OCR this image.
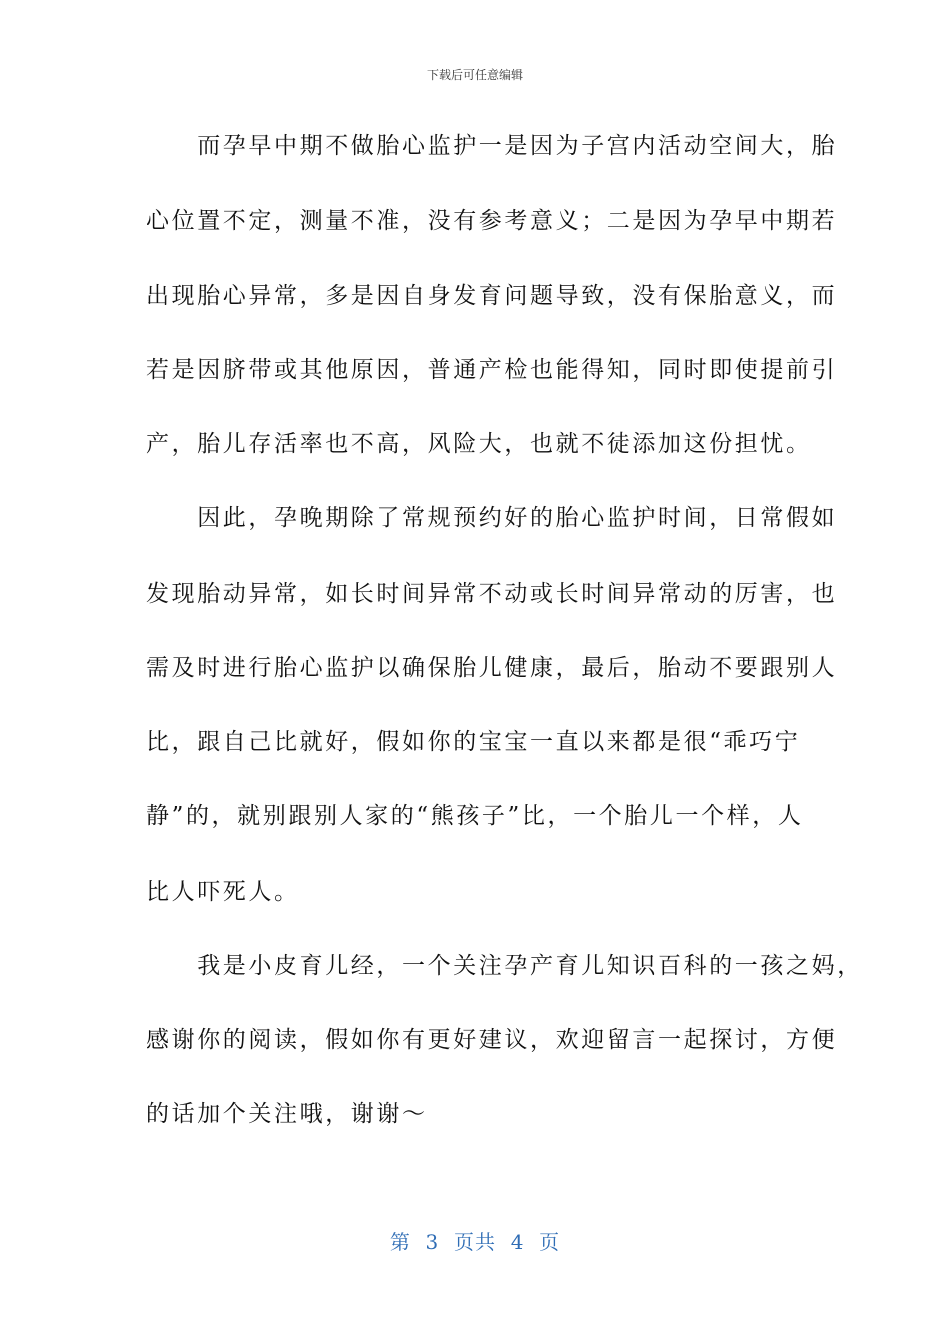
下载后可任意编辑
　　而孕早中期不做胎心监护一是因为子宫内活动空间大，胎
心位置不定，测量不准，没有参考意义；二是因为孕早中期若
出现胎心异常，多是因自身发育问题导致，没有保胎意义，而
若是因脐带或其他原因，普通产检也能得知，同时即使提前引
产，胎儿存活率也不高，风险大，也就不徒添加这份担忧。
　　因此，孕晚期除了常规预约好的胎心监护时间，日常假如
发现胎动异常，如长时间异常不动或长时间异常动的厉害，也
需及时进行胎心监护以确保胎儿健康，最后，胎动不要跟别人
比，跟自己比就好，假如你的宝宝一直以来都是很“乖巧宁
静”的，就别跟别人家的“熊孩子”比，一个胎儿一个样，人
比人吓死人。
　　我是小皮育儿经，一个关注孕产育儿知识百科的一孩之妈，
感谢你的阅读，假如你有更好建议，欢迎留言一起探讨，方便
的话加个关注哦，谢谢～
第  3  页共  4  页
